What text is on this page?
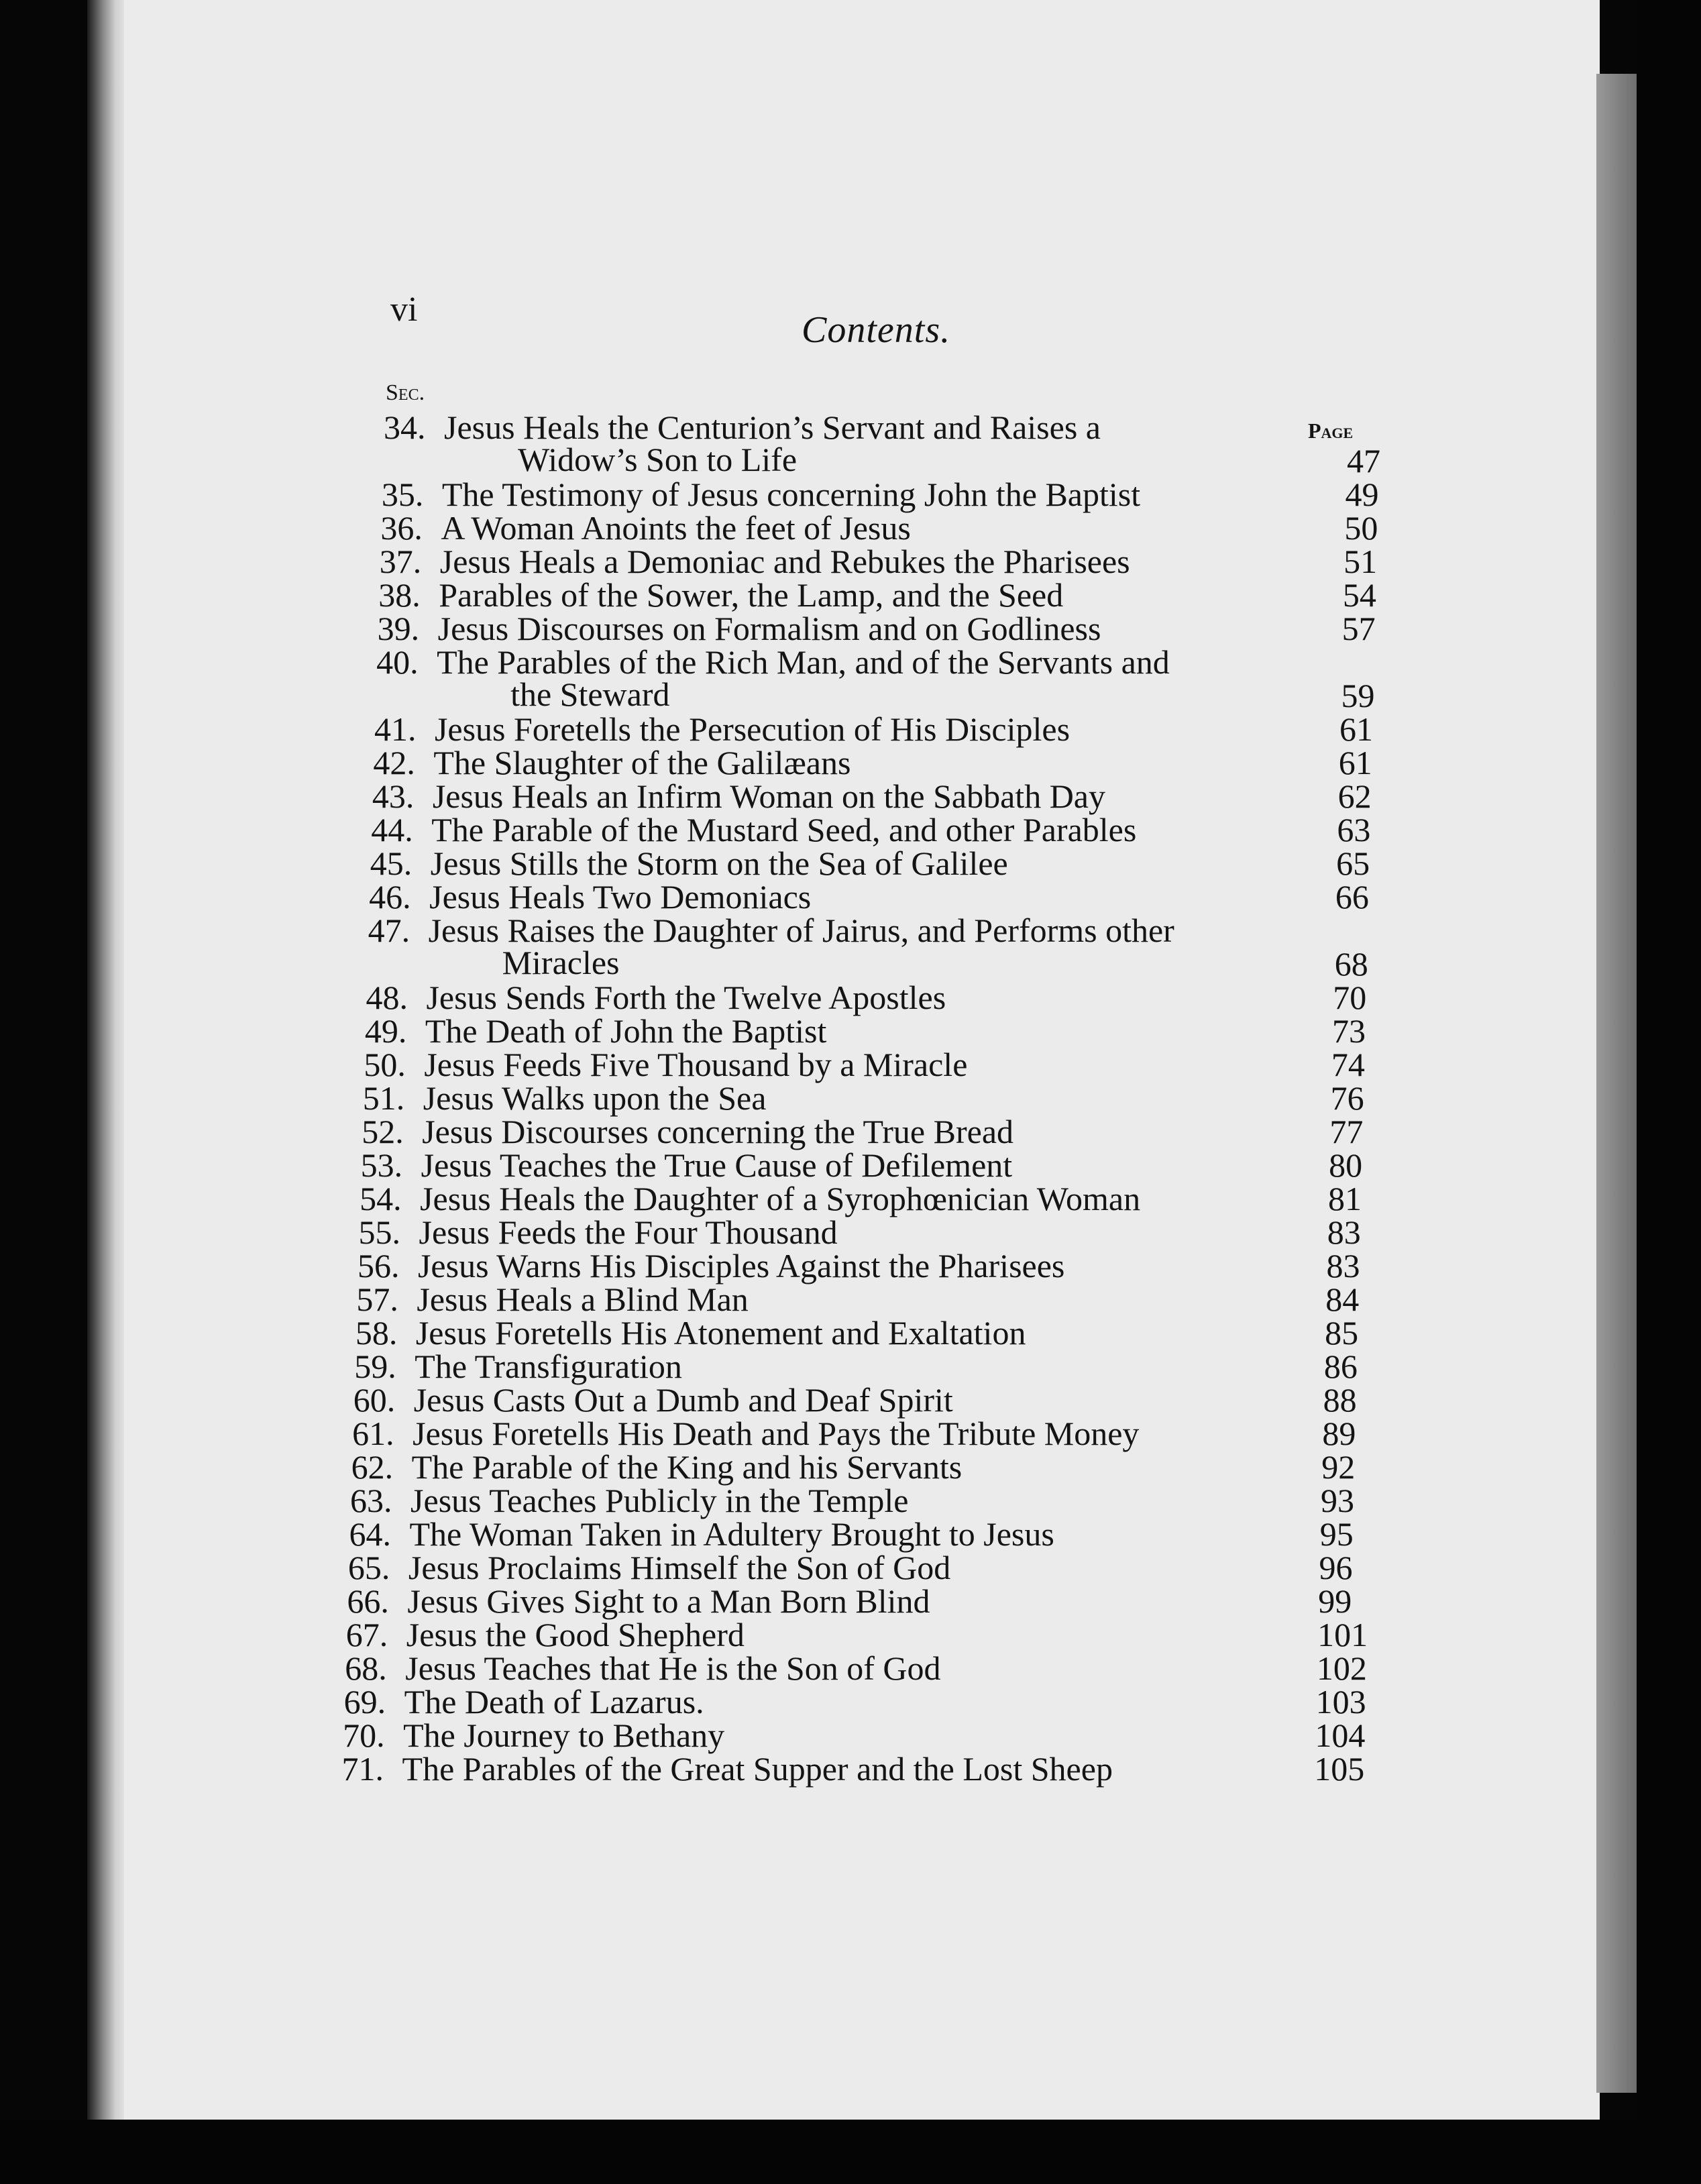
vi	Contents.
Sec.
Page
34. Jesus Heals the Centurion’s Servant and Raises a
Widow’s Son to Life	47
35. The Testimony of Jesus concerning John the Baptist	49
36. A Woman Anoints the feet of Jesus	50
37. Jesus Heals a Demoniac and Rebukes the Pharisees	51
38. Parables of the Sower, the Lamp, and the Seed	54
39. Jesus Discourses on Formalism and on Godliness	57
40. The Parables of the Rich Man, and of the Servants and
the Steward	59
41. Jesus Foretells the Persecution of His Disciples	61
42. The Slaughter of the Galilæans	61
43. Jesus Heals an Infirm Woman on the Sabbath Day	62
44. The Parable of the Mustard Seed, and other Parables	63
45. Jesus Stills the Storm on the Sea of Galilee	65
46. Jesus Heals Two Demoniacs	66
47. Jesus Raises the Daughter of Jairus, and Performs other
Miracles	68
48. Jesus Sends Forth the Twelve Apostles	70
49. The Death of John the Baptist	73
50. Jesus Feeds Five Thousand by a Miracle	74
51. Jesus Walks upon the Sea	76
52. Jesus Discourses concerning the True Bread	77
53. Jesus Teaches the True Cause of Defilement	80
54. Jesus Heals the Daughter of a Syrophœnician Woman	81
55. Jesus Feeds the Four Thousand	83
56. Jesus Warns His Disciples Against the Pharisees	83
57. Jesus Heals a Blind Man	84
58. Jesus Foretells His Atonement and Exaltation	85
59. The Transfiguration	86
60. Jesus Casts Out a Dumb and Deaf Spirit	88
61. Jesus Foretells His Death and Pays the Tribute Money	89
62. The Parable of the King and his Servants	92
63. Jesus Teaches Publicly in the Temple	93
64. The Woman Taken in Adultery Brought to Jesus	95
65. Jesus Proclaims Himself the Son of God	96
66. Jesus Gives Sight to a Man Born Blind	99
67. Jesus the Good Shepherd	101
68. Jesus Teaches that He is the Son of God	102
69. The Death of Lazarus.	103
70. The Journey to Bethany	104
71. The Parables of the Great Supper and the Lost Sheep	105
